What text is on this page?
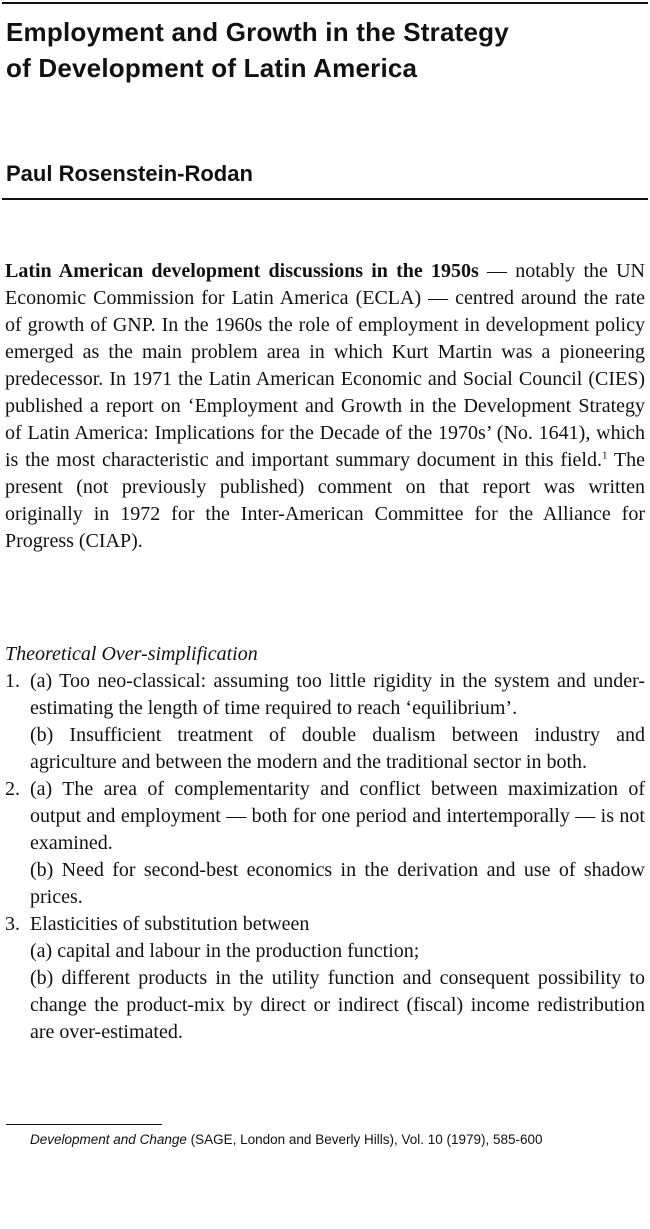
Employment and Growth in the Strategy
of Development of Latin America
Paul Rosenstein-Rodan

Latin American development discussions in the 1950s — notably the UN Economic Commission for Latin America (ECLA) — centred around the rate of growth of GNP. In the 1960s the role of employment in development policy emerged as the main problem area in which Kurt Martin was a pioneering predecessor. In 1971 the Latin American Economic and Social Council (CIES) published a report on ‘Employment and Growth in the Development Strategy of Latin America: Implications for the Decade of the 1970s’ (No. 1641), which is the most characteristic and important summary document in this field.$^1$ The present (not previously published) comment on that report was written originally in 1972 for the Inter-American Committee for the Alliance for Progress (CIAP).

Theoretical Over-simplification
1. (a) Too neo-classical: assuming too little rigidity in the system and under-estimating the length of time required to reach ‘equilibrium’.

(b) Insufficient treatment of double dualism between industry and agriculture and between the modern and the traditional sector in both.

2. (a) The area of complementarity and conflict between maximization of output and employment — both for one period and intertemporally — is not examined.

(b) Need for second-best economics in the derivation and use of shadow prices.

3. Elasticities of substitution between

(a) capital and labour in the production function;

(b) different products in the utility function and consequent possibility to change the product-mix by direct or indirect (fiscal) income redistribution are over-estimated.

Development and Change (SAGE, London and Beverly Hills), Vol. 10 (1979), 585-600
